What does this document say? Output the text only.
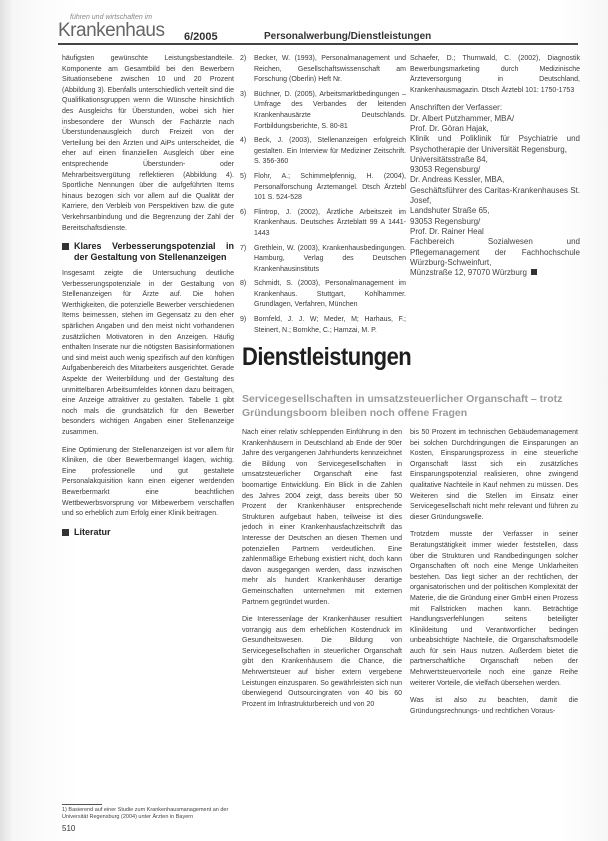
führen und wirtschaften im
Krankenhaus 6/2005	Personalwerbung/Dienstleistungen

häufigsten gewünschte Leistungsbestandteile. Komponente am Gesamtbild bei den Bewerbern Situationsebene zwischen 10 und 20 Prozent (Abbildung 3). Ebenfalls unterschiedlich verteilt sind die Qualifikationsgruppen wenn die Wünsche hinsichtlich des Ausgleichs für Überstunden, wobei sich hier insbesondere der Wunsch der Fachärzte nach Überstundenausgleich durch Freizeit von der Verteilung bei den Ärzten und AiPs unterscheidet, die eher auf einen finanziellen Ausgleich über eine entsprechende Überstunden- oder Mehrarbeitsvergütung reflektieren (Abbildung 4). Sportliche Nennungen über die aufgeführten Items hinaus bezogen sich vor allem auf die Qualität der Karriere, den Verbleib von Perspektiven bzw. die gute Verkehrsanbindung und die Begrenzung der Zahl der Bereitschaftsdienste.

Klares Verbesserungspotenzial in der Gestaltung von Stellenanzeigen

Insgesamt zeigte die Untersuchung deutliche Verbesserungspotenziale in der Gestaltung von Stellenanzeigen für Ärzte auf. Die hohen Werthigkeiten, die potenzielle Bewerber verschiedenen Items beimessen, stehen im Gegensatz zu den eher spärlichen Angaben und den meist nicht vorhandenen zusätzlichen Motivatoren in den Anzeigen. Häufig enthalten Inserate nur die nötigsten Basisinformationen und sind meist auch wenig spezifisch auf den künftigen Aufgabenbereich des Mitarbeiters ausgerichtet. Gerade Aspekte der Weiterbildung und der Gestaltung des unmittelbaren Arbeitsumfeldes können dazu beitragen, eine Anzeige attraktiver zu gestalten. Tabelle 1 gibt noch mals die grundsätzlich für den Bewerber besonders wichtigen Angaben einer Stellenanzeige zusammen.

Eine Optimierung der Stellenanzeigen ist vor allem für Kliniken, die über Bewerbermangel klagen, wichtig. Eine professionelle und gut gestaltete Personalakquisition kann einen eigener werdenden Bewerbermarkt eine beachtlichen Wettbewerbsvorsprung vor Mitbewerbern verschaffen und so erheblich zum Erfolg einer Klinik beitragen.

Literatur
2)	Becker, W. (1993), Personalmanagement und Reichen, Gesellschaftswissenschaft am Forschung (Oberlin) Heft Nr.
3)	Büchner, D. (2005), Arbeitsmarktbedingungen – Umfrage des Verbandes der leitenden Krankenhausärzte Deutschlands. Fortbildungsberichte, S. 80-81
4)	Beck, J. (2003), Stellenanzeigen erfolgreich gestalten. Ein Interview für Mediziner Zeitschrift. S. 356-360
5)	Flohr, A.; Schimmelpfennig, H. (2004), Personalforschung Ärztemangel. Dtsch Ärztebl 101 S. 524-528
6)	Flintrop, J. (2002), Ärztliche Arbeitszeit im Krankenhaus. Deutsches Ärzteblatt 99 A 1441-1443
7)	Grethlein, W. (2003), Krankenhausbedingungen. Hamburg, Verlag des Deutschen Krankenhausinstituts
8)	Schmidt, S. (2003), Personalmanagement im Krankenhaus. Stuttgart, Kohlhammer. Grundlagen, Verfahren, München
9)	Bornfeld, J. J. W; Meder, M; Harhaus, F.; Steinert, N.; Bornkhe, C.; Hamzai, M. P.

Schaefer, D.; Thurnwald, C. (2002), Diagnostik Bewerbungsmarketing durch Medizinische Ärzteversorgung in Deutschland, Krankenhausmagazin. Dtsch Ärztebl 101: 1750-1753

Anschriften der Verfasser:
Dr. Albert Putzhammer, MBA/
Prof. Dr. Göran Hajak,
Klinik und Poliklinik für Psychiatrie und Psychotherapie der Universität Regensburg,
Universitätsstraße 84,
93053 Regensburg/
Dr. Andreas Kessler, MBA,
Geschäftsführer des Caritas-Krankenhauses St. Josef,
Landshuter Straße 65,
93053 Regensburg/
Prof. Dr. Rainer Heal
Fachbereich Sozialwesen und Pflegemanagement der Fachhochschule Würzburg-Schweinfurt,
Münzstraße 12, 97070 Würzburg
Dienstleistungen
Servicegesellschaften in umsatzsteuerlicher Organschaft – trotz Gründungsboom bleiben noch offene Fragen

Nach einer relativ schleppenden Einführung in den Krankenhäusern in Deutschland ab Ende der 90er Jahre des vergangenen Jahrhunderts kennzeichnet die Bildung von Servicegesellschaften in umsatzsteuerlicher Organschaft eine fast boomartige Entwicklung. Ein Blick in die Zahlen des Jahres 2004 zeigt, dass bereits über 50 Prozent der Krankenhäuser entsprechende Strukturen aufgebaut haben, teilweise ist dies jedoch in einer Krankenhausfachzeitschrift das Interesse der Deutschen an diesen Themen und potenziellen Partnern verdeutlichen. Eine zahlenmäßige Erhebung existiert nicht, doch kann davon ausgegangen werden, dass inzwischen mehr als hundert Krankenhäuser derartige Gemeinschaften unternehmen mit externen Partnern gegründet wurden.

Die Interessenlage der Krankenhäuser resultiert vorrangig aus dem erheblichen Kostendruck im Gesundheitswesen. Die Bildung von Servicegesellschaften in steuerlicher Organschaft gibt den Krankenhäusern die Chance, die Mehrwertsteuer auf bisher extern vergebene Leistungen einzusparen. So gewährleisten sich nun überwiegend Outsourcingraten von 40 bis 60 Prozent im Infrastrukturbereich und von 20

bis 50 Prozent im technischen Gebäudemanagement bei solchen Durchdringungen die Einsparungen an Kosten, Einsparungsprozess in eine steuerliche Organschaft lässt sich ein zusätzliches Einsparungspotenzial realisieren, ohne zwingend qualitative Nachteile in Kauf nehmen zu müssen. Des Weiteren sind die Stellen im Einsatz einer Servicegesellschaft nicht mehr relevant und führen zu dieser Gründungswelle.

Trotzdem musste der Verfasser in seiner Beratungstätigkeit immer wieder feststellen, dass über die Strukturen und Randbedingungen solcher Organschaften oft noch eine Menge Unklarheiten bestehen. Das liegt sicher an der rechtlichen, der organisatorischen und der politischen Komplexität der Materie, die die Gründung einer GmbH einen Prozess mit Fallstricken machen kann. Beträchtige Handlungsverfehlungen seitens beteiligter Klinikleitung und Verantwortlicher bedingen unbeabsichtigte Nachteile, die Organschaftsmodelle auch für sein Haus nutzen. Außerdem bietet die partnerschaftliche Organschaft neben der Mehrwertsteuervorteile noch eine ganze Reihe weiterer Vorteile, die vielfach übersehen werden.

Was ist also zu beachten, damit die Gründungsrechnungs- und rechtlichen Voraus-

1) Basierend auf einer Studie zum Krankenhausmanagement an der Universität Regensburg (2004) unter Ärzten in Bayern
510
